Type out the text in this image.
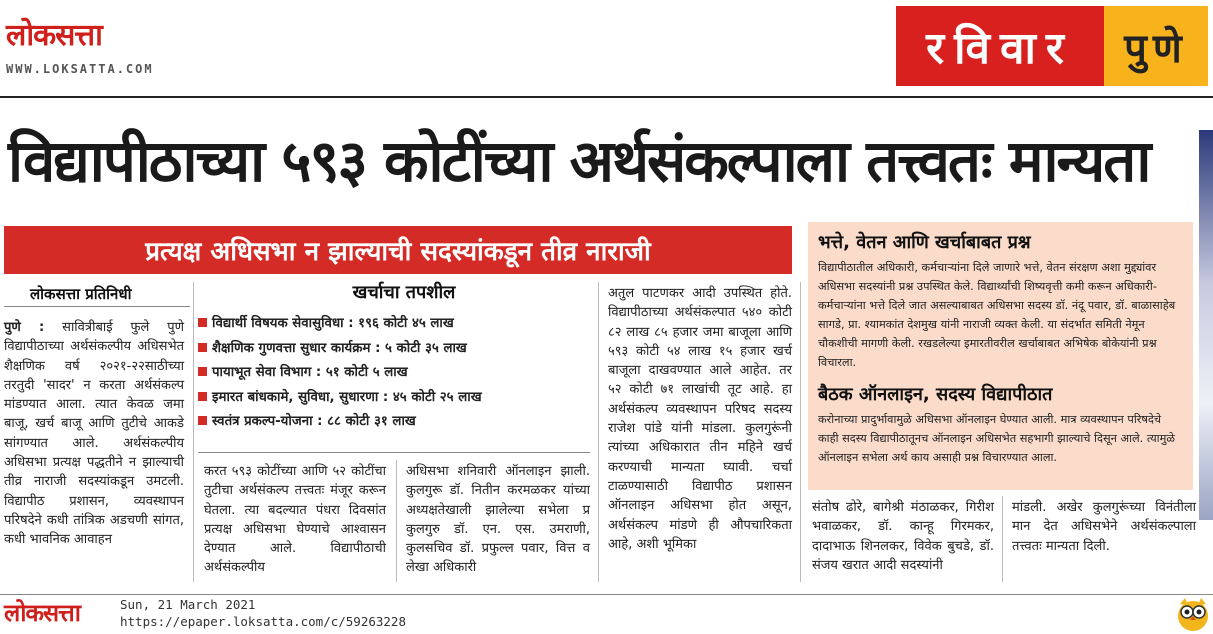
लोकसत्ता
WWW.LOKSATTA.COM	रविवार	पुणे
विद्यापीठाच्या ५९३ कोटींच्या अर्थसंकल्पाला तत्त्वतः मान्यता
प्रत्यक्ष अधिसभा न झाल्याची सदस्यांकडून तीव्र नाराजी
लोकसत्ता प्रतिनिधी
पुणे : सावित्रीबाई फुले पुणे विद्यापीठाच्या अर्थसंकल्पीय अधिसभेत शैक्षणिक वर्ष २०२१-२२साठीच्या तरतुदी 'सादर' न करता अर्थसंकल्प मांडण्यात आला. त्यात केवळ जमा बाजू, खर्च बाजू आणि तुटीचे आकडे सांगण्यात आले. अर्थसंकल्पीय अधिसभा प्रत्यक्ष पद्धतीने न झाल्याची तीव्र नाराजी सदस्यांकडून उमटली. विद्यापीठ प्रशासन, व्यवस्थापन परिषदेने कधी तांत्रिक अडचणी सांगत, कधी भावनिक आवाहन
खर्चाचा तपशील
विद्यार्थी विषयक सेवासुविधा : १९६ कोटी ४५ लाख
शैक्षणिक गुणवत्ता सुधार कार्यक्रम : ५ कोटी ३५ लाख
पायाभूत सेवा विभाग : ५१ कोटी ५ लाख
इमारत बांधकामे, सुविधा, सुधारणा : ४५ कोटी २५ लाख
स्वतंत्र प्रकल्प-योजना : ८८ कोटी ३१ लाख
करत ५९३ कोटींच्या आणि ५२ कोटींचा तुटीचा अर्थसंकल्प तत्त्वतः मंजूर करून घेतला. त्या बदल्यात पंधरा दिवसांत प्रत्यक्ष अधिसभा घेण्याचे आश्वासन देण्यात आले. विद्यापीठाची अर्थसंकल्पीय
अधिसभा शनिवारी ऑनलाइन झाली. कुलगुरू डॉ. नितीन करमळकर यांच्या अध्यक्षतेखाली झालेल्या सभेला प्र कुलगुरु डॉ. एन. एस. उमराणी, कुलसचिव डॉ. प्रफुल्ल पवार, वित्त व लेखा अधिकारी
अतुल पाटणकर आदी उपस्थित होते. विद्यापीठाच्या अर्थसंकल्पात ५४० कोटी ८२ लाख ८५ हजार जमा बाजूला आणि ५९३ कोटी ५४ लाख १५ हजार खर्च बाजूला दाखवण्यात आले आहेत. तर ५२ कोटी ७१ लाखांची तूट आहे. हा अर्थसंकल्प व्यवस्थापन परिषद सदस्य राजेश पांडे यांनी मांडला. कुलगुरूंनी त्यांच्या अधिकारात तीन महिने खर्च करण्याची मान्यता घ्यावी. चर्चा टाळण्यासाठी विद्यापीठ प्रशासन ऑनलाइन अधिसभा होत असून, अर्थसंकल्प मांडणे ही औपचारिकता आहे, अशी भूमिका
भत्ते, वेतन आणि खर्चाबाबत प्रश्न
विद्यापीठातील अधिकारी, कर्मचाऱ्यांना दिले जाणारे भत्ते, वेतन संरक्षण अशा मुद्द्यांवर अधिसभा सदस्यांनी प्रश्न उपस्थित केले. विद्यार्थ्यांची शिष्यवृत्ती कमी करून अधिकारी-कर्मचाऱ्यांना भत्ते दिले जात असल्याबाबत अधिसभा सदस्य डॉ. नंदू पवार, डॉ. बाळासाहेब सागडे, प्रा. श्यामकांत देशमुख यांनी नाराजी व्यक्त केली. या संदर्भात समिती नेमून चौकशीची मागणी केली. रखडलेल्या इमारतीवरील खर्चाबाबत अभिषेक बोकेयांनी प्रश्न विचारला.
बैठक ऑनलाइन, सदस्य विद्यापीठात
करोनाच्या प्रादुर्भावामुळे अधिसभा ऑनलाइन घेण्यात आली. मात्र व्यवस्थापन परिषदेचे काही सदस्य विद्यापीठातूनच ऑनलाइन अधिसभेत सहभागी झाल्याचे दिसून आले. त्यामुळे ऑनलाइन सभेला अर्थ काय असाही प्रश्न विचारण्यात आला.
संतोष ढोरे, बागेश्री मंठाळकर, गिरीश भवाळकर, डॉ. कान्हू गिरमकर, दादाभाऊ शिनलकर, विवेक बुचडे, डॉ. संजय खरात आदी सदस्यांनी
मांडली. अखेर कुलगुरूंच्या विनंतीला मान देत अधिसभेने अर्थसंकल्पाला तत्त्वतः मान्यता दिली.
लोकसत्ता	Sun, 21 March 2021
https://epaper.loksatta.com/c/59263228
